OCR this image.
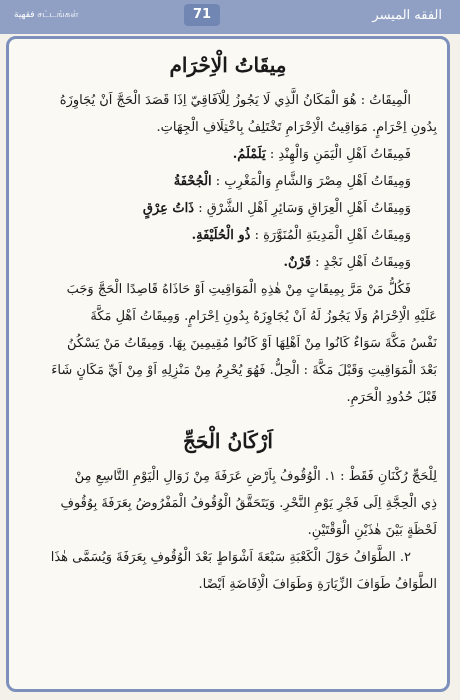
சட்டங்கள் فقهية	71	الفقه الميسر
مِيقَاتُ الْاِحْرَام

الْمِيقَاتُ : هُوَ الْمَكَانُ الَّذِي لَا يَجُوزُ لِلْآفَاقِيّ اِذَا قَصَدَ الْحَجَّ اَنْ يُجَاوِزَهُ

بِدُونِ اِحْرَامٍ. مَوَاقِيتُ الْاِحْرَامِ تَخْتَلِفُ بِاخْتِلَافِ الْجِهَاتِ.

فَمِيقَاتُ اَهْلِ الْيَمَنِ وَالْهِنْدِ : يَلَمْلَمُ.

وَمِيقَاتُ اَهْلِ مِصْرَ وَالشَّامِ وَالْمَغْرِبِ : الْجُحْفَةُ

وَمِيقَاتُ اَهْلِ الْعِرَاقِ وَسَائِرِ اَهْلِ الشَّرْقِ : ذَاتُ عِرْقٍ

وَمِيقَاتُ اَهْلِ الْمَدِينَةِ الْمُنَوَّرَةِ : ذُو الْحُلَيْفَةِ.

وَمِيقَاتُ اَهْلِ نَجْدٍ : قَرْنٌ.

فَكُلُّ مَنْ مَرَّ بِمِيقَاتٍ مِنْ هٰذِهِ الْمَوَاقِيتِ اَوْ حَاذَاهُ قَاصِدًا الْحَجَّ وَجَبَ

عَلَيْهِ الْاِحْرَامُ وَلَا يَجُوزُ لَهُ اَنْ يُجَاوِزَهُ بِدُونِ اِحْرَامٍ. وَمِيقَاتُ اَهْلِ مَكَّةَ

نَفْسُ مَكَّةَ سَوَاءٌ كَانُوا مِنْ اَهْلِهَا اَوْ كَانُوا مُقِيمِينَ بِهَا. وَمِيقَاتُ مَنْ يَسْكُنُ

بَعْدَ الْمَوَاقِيتِ وَقَبْلَ مَكَّةَ : الْحِلُّ. فَهُوَ يُحْرِمُ مِنْ مَنْزِلِهِ اَوْ مِنْ اَيِّ مَكَانٍ شَاءَ

قَبْلَ حُدُودِ الْحَرَمِ.

اَرْكَانُ الْحَجِّ

لِلْحَجِّ رُكْنَانِ فَقَطْ : ١. الْوُقُوفُ بِاَرْضِ عَرَفَةَ مِنْ زَوَالِ الْيَوْمِ التَّاسِعِ مِنْ

ذِي الْحِجَّةِ اِلَى فَجْرِ يَوْمِ النَّحْرِ. وَيَتَحَقَّقُ الْوُقُوفُ الْمَفْرُوضُ بِعَرَفَةَ بِوُقُوفِ

لَحْظَةٍ بَيْنَ هٰذَيْنِ الْوَقْتَيْنِ.

٢. الطَّوَافُ حَوْلَ الْكَعْبَةِ سَبْعَةَ اَشْوَاطٍ بَعْدَ الْوُقُوفِ بِعَرَفَةَ وَيُسَمَّى هٰذَا

الطَّوَافُ طَوَافَ الزِّيَارَةِ وَطَوَافَ الْاِفَاضَةِ اَيْضًا.
